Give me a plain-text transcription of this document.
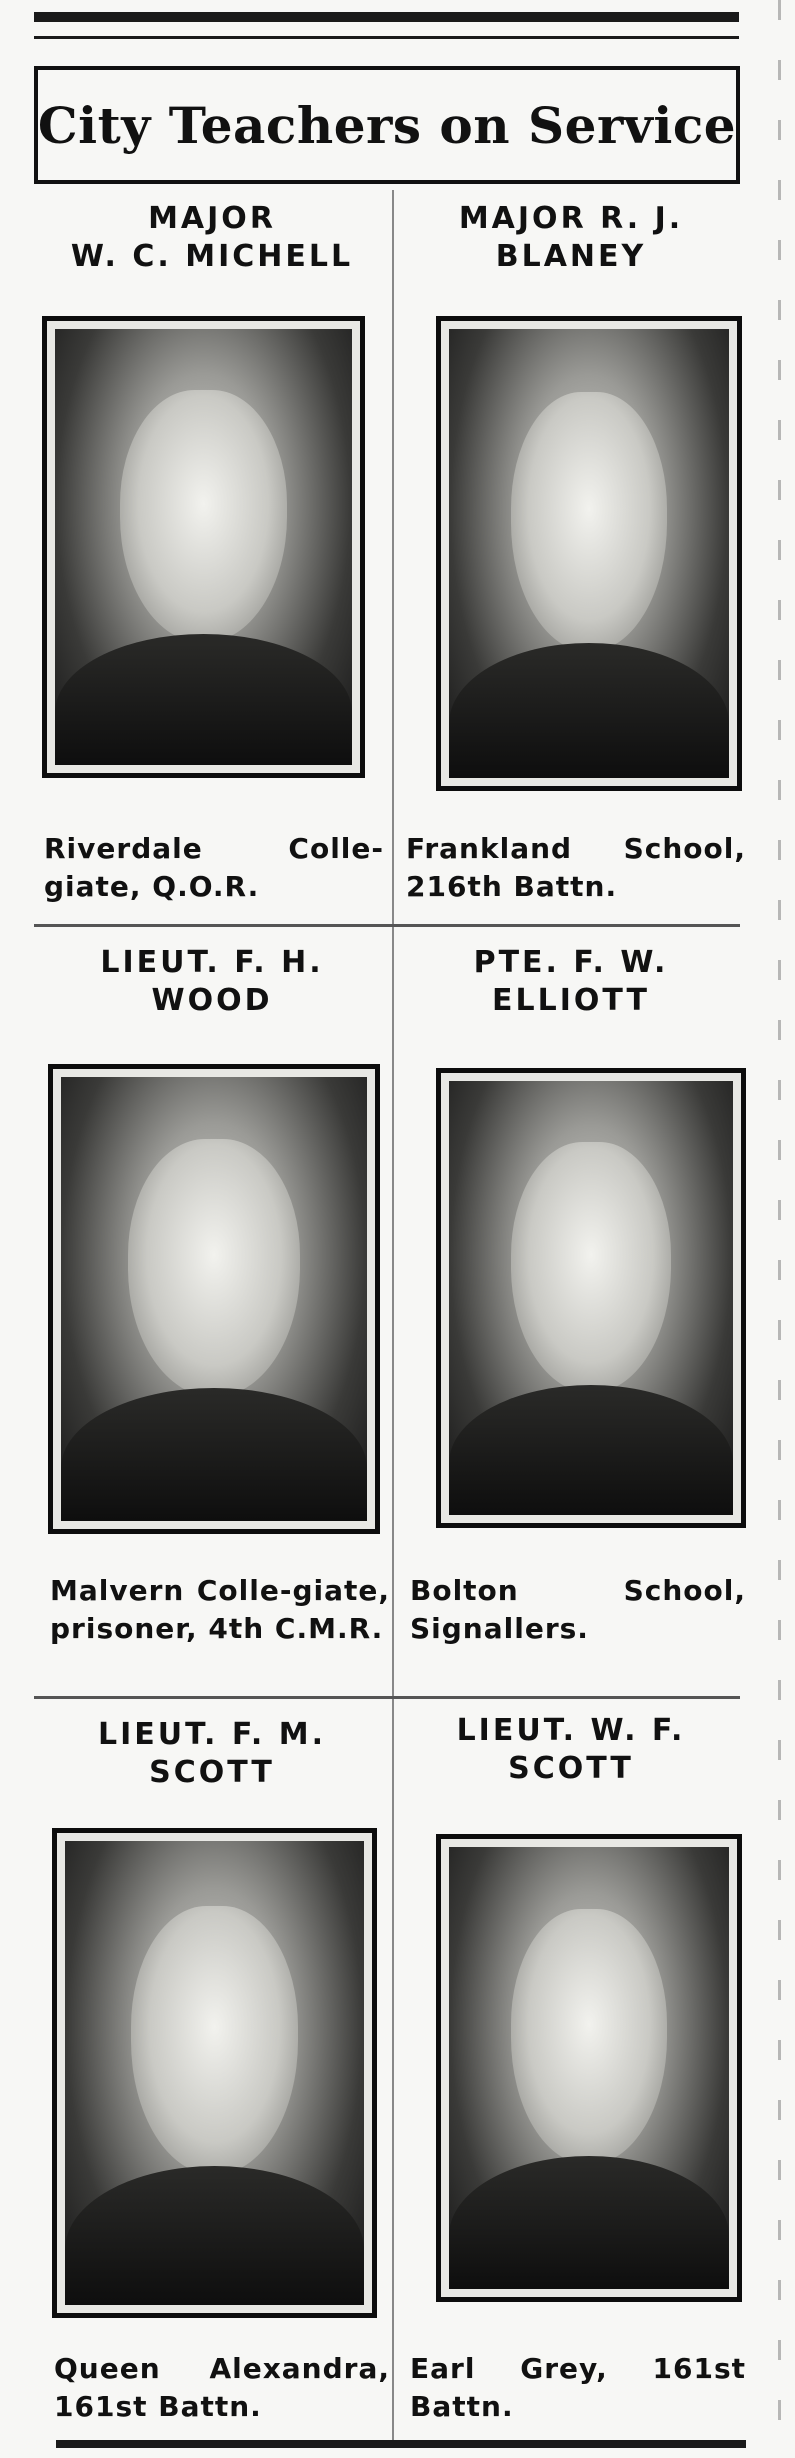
City Teachers on Service
MAJOR
W. C. MICHELL
Riverdale Colle-giate, Q.O.R.
MAJOR R. J.
BLANEY
Frankland School, 216th Battn.
LIEUT. F. H.
WOOD
Malvern Colle-giate, prisoner, 4th C.M.R.
PTE. F. W.
ELLIOTT
Bolton School, Signallers.
LIEUT. F. M.
SCOTT
Queen Alexandra, 161st Battn.
LIEUT. W. F.
SCOTT
Earl Grey, 161st Battn.
